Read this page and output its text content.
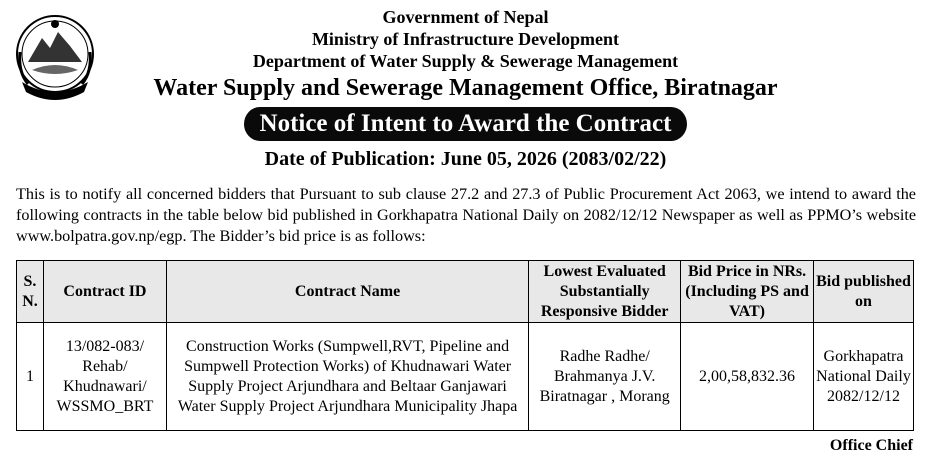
Government of Nepal
Ministry of Infrastructure Development
Department of Water Supply & Sewerage Management
Water Supply and Sewerage Management Office, Biratnagar
Notice of Intent to Award the Contract
Date of Publication: June 05, 2026 (2083/02/22)
This is to notify all concerned bidders that Pursuant to sub clause 27.2 and 27.3 of Public Procurement Act 2063, we intend to award the following contracts in the table below bid published in Gorkhapatra National Daily on 2082/12/12 Newspaper as well as PPMO’s website www.bolpatra.gov.np/egp. The Bidder’s bid price is as follows:
S. N.	Contract ID	Contract Name	Lowest Evaluated Substantially Responsive Bidder	Bid Price in NRs. (Including PS and VAT)	Bid published on
1	13/082-083/ Rehab/ Khudnawari/ WSSMO_BRT	Construction Works (Sumpwell,RVT, Pipeline and Sumpwell Protection Works) of Khudnawari Water Supply Project Arjundhara and Beltaar Ganjawari Water Supply Project Arjundhara Municipality Jhapa	Radhe Radhe/ Brahmanya J.V. Biratnagar , Morang	2,00,58,832.36	Gorkhapatra National Daily 2082/12/12
Office Chief
